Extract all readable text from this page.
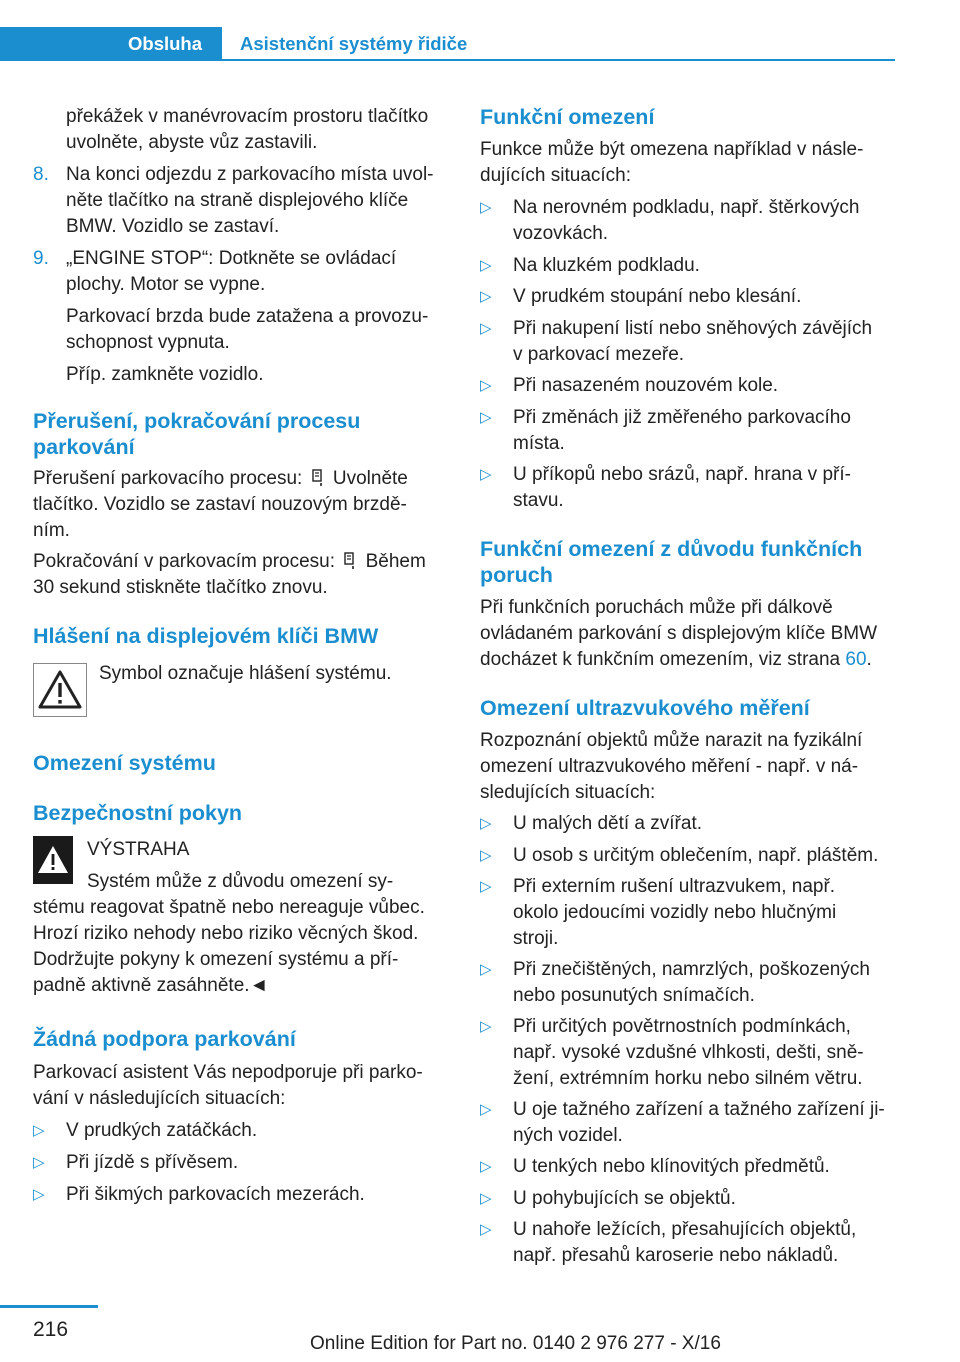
Obsluha Asistenční systémy řidiče

překážek v manévrovacím prostoru tlačítko

uvolněte, abyste vůz zastavili.

8. Na konci odjezdu z parkovacího místa uvol‐

něte tlačítko na straně displejového klíče

BMW. Vozidlo se zastaví.

9. „ENGINE STOP“: Dotkněte se ovládací

plochy. Motor se vypne.

Parkovací brzda bude zatažena a provozu‐

schopnost vypnuta.

Příp. zamkněte vozidlo.

Přerušení, pokračování procesu
parkování

Přerušení parkovacího procesu: Uvolněte

tlačítko. Vozidlo se zastaví nouzovým brzdě‐

ním.

Pokračování v parkovacím procesu: Během

30 sekund stiskněte tlačítko znovu.

Hlášení na displejovém klíči BMW

Symbol označuje hlášení systému.

Omezení systému
Bezpečnostní pokyn

VÝSTRAHA

Systém může z důvodu omezení sy‐

stému reagovat špatně nebo nereaguje vůbec.

Hrozí riziko nehody nebo riziko věcných škod.

Dodržujte pokyny k omezení systému a pří‐

padně aktivně zasáhněte.◄

Žádná podpora parkování

Parkovací asistent Vás nepodporuje při parko‐

vání v následujících situacích:

▷ V prudkých zatáčkách.

▷ Při jízdě s přívěsem.

▷ Při šikmých parkovacích mezerách.

Funkční omezení

Funkce může být omezena například v násle‐

dujících situacích:

▷ Na nerovném podkladu, např. štěrkových

vozovkách.

▷ Na kluzkém podkladu.

▷ V prudkém stoupání nebo klesání.

▷ Při nakupení listí nebo sněhových závějích

v parkovací mezeře.

▷ Při nasazeném nouzovém kole.

▷ Při změnách již změřeného parkovacího

místa.

▷ U příkopů nebo srázů, např. hrana v pří‐

stavu.

Funkční omezení z důvodu funkčních
poruch

Při funkčních poruchách může při dálkově

ovládaném parkování s displejovým klíče BMW

docházet k funkčním omezením, viz strana 60.

Omezení ultrazvukového měření

Rozpoznání objektů může narazit na fyzikální

omezení ultrazvukového měření - např. v ná‐

sledujících situacích:

▷ U malých dětí a zvířat.

▷ U osob s určitým oblečením, např. pláštěm.

▷ Při externím rušení ultrazvukem, např.

okolo jedoucími vozidly nebo hlučnými

stroji.

▷ Při znečištěných, namrzlých, poškozených

nebo posunutých snímačích.

▷ Při určitých povětrnostních podmínkách,

např. vysoké vzdušné vlhkosti, dešti, sně‐

žení, extrémním horku nebo silném větru.

▷ U oje tažného zařízení a tažného zařízení ji‐

ných vozidel.

▷ U tenkých nebo klínovitých předmětů.

▷ U pohybujících se objektů.

▷ U nahoře ležících, přesahujících objektů,

např. přesahů karoserie nebo nákladů.

216
Online Edition for Part no. 0140 2 976 277 - X/16
